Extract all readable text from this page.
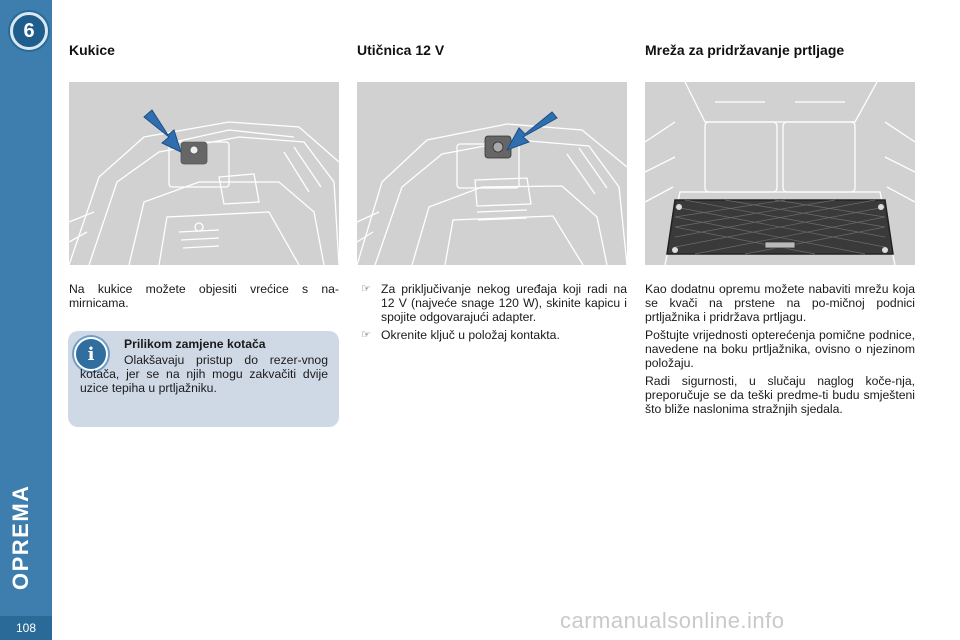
6
OPREMA
108
Kukice
Na kukice možete objesiti vrećice s na-mirnicama.
i	Prilikom zamjene kotača
Olakšavaju pristup do rezer-vnog kotača, jer se na njih mogu zakvačiti dvije uzice tepiha u prtljažniku.
Utičnica 12 V
☞ Za priključivanje nekog uređaja koji radi na 12 V (najveće snage 120 W), skinite kapicu i spojite odgovarajući adapter.
☞ Okrenite ključ u položaj kontakta.
Mreža za pridržavanje prtljage

Kao dodatnu opremu možete nabaviti mrežu koja se kvači na prstene na po-mičnoj podnici prtljažnika i pridržava prtljagu.

Poštujte vrijednosti opterećenja pomične podnice, navedene na boku prtljažnika, ovisno o njezinom položaju.

Radi sigurnosti, u slučaju naglog koče-nja, preporučuje se da teški predme-ti budu smješteni što bliže naslonima stražnjih sjedala.

carmanualsonline.info
